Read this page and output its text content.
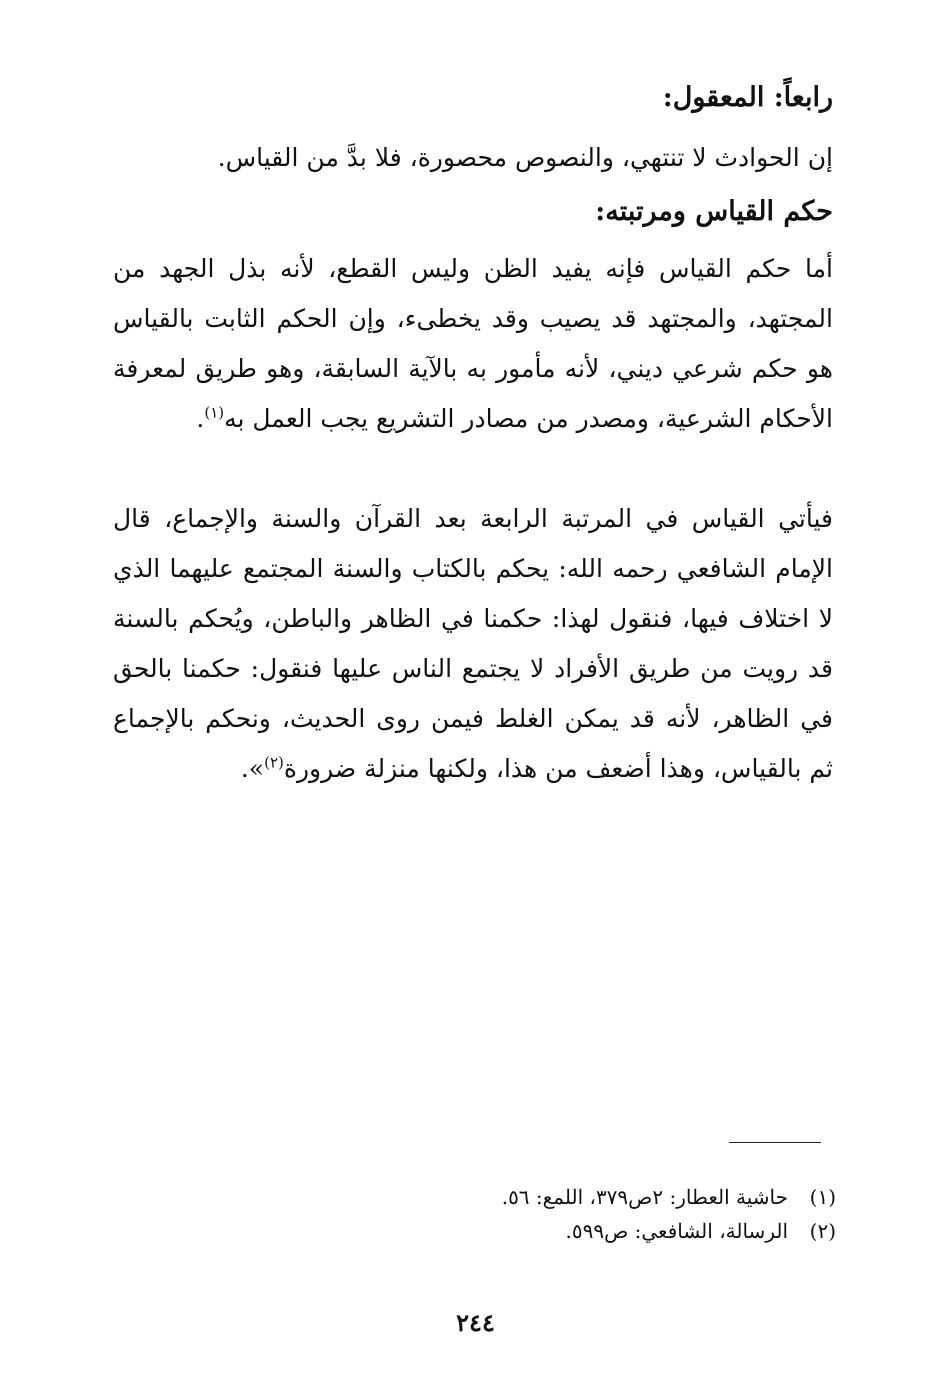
رابعاً: المعقول:
إن الحوادث لا تنتهي، والنصوص محصورة، فلا بدَّ من القياس.
حكم القياس ومرتبته:
أما حكم القياس فإنه يفيد الظن وليس القطع، لأنه بذل الجهد من المجتهد، والمجتهد قد يصيب وقد يخطىء، وإن الحكم الثابت بالقياس هو حكم شرعي ديني، لأنه مأمور به بالآية السابقة، وهو طريق لمعرفة الأحكام الشرعية، ومصدر من مصادر التشريع يجب العمل به$^{(١)}$.
فيأتي القياس في المرتبة الرابعة بعد القرآن والسنة والإجماع، قال الإمام الشافعي رحمه الله: يحكم بالكتاب والسنة المجتمع عليهما الذي لا اختلاف فيها، فنقول لهذا: حكمنا في الظاهر والباطن، ويُحكم بالسنة قد رويت من طريق الأفراد لا يجتمع الناس عليها فنقول: حكمنا بالحق في الظاهر، لأنه قد يمكن الغلط فيمن روى الحديث، ونحكم بالإجماع ثم بالقياس، وهذا أضعف من هذا، ولكنها منزلة ضرورة$^{(٢)}$».
(١)
حاشية العطار: ٢ص٣٧٩، اللمع: ٥٦.
(٢)
الرسالة، الشافعي: ص٥٩٩.
٢٤٤
